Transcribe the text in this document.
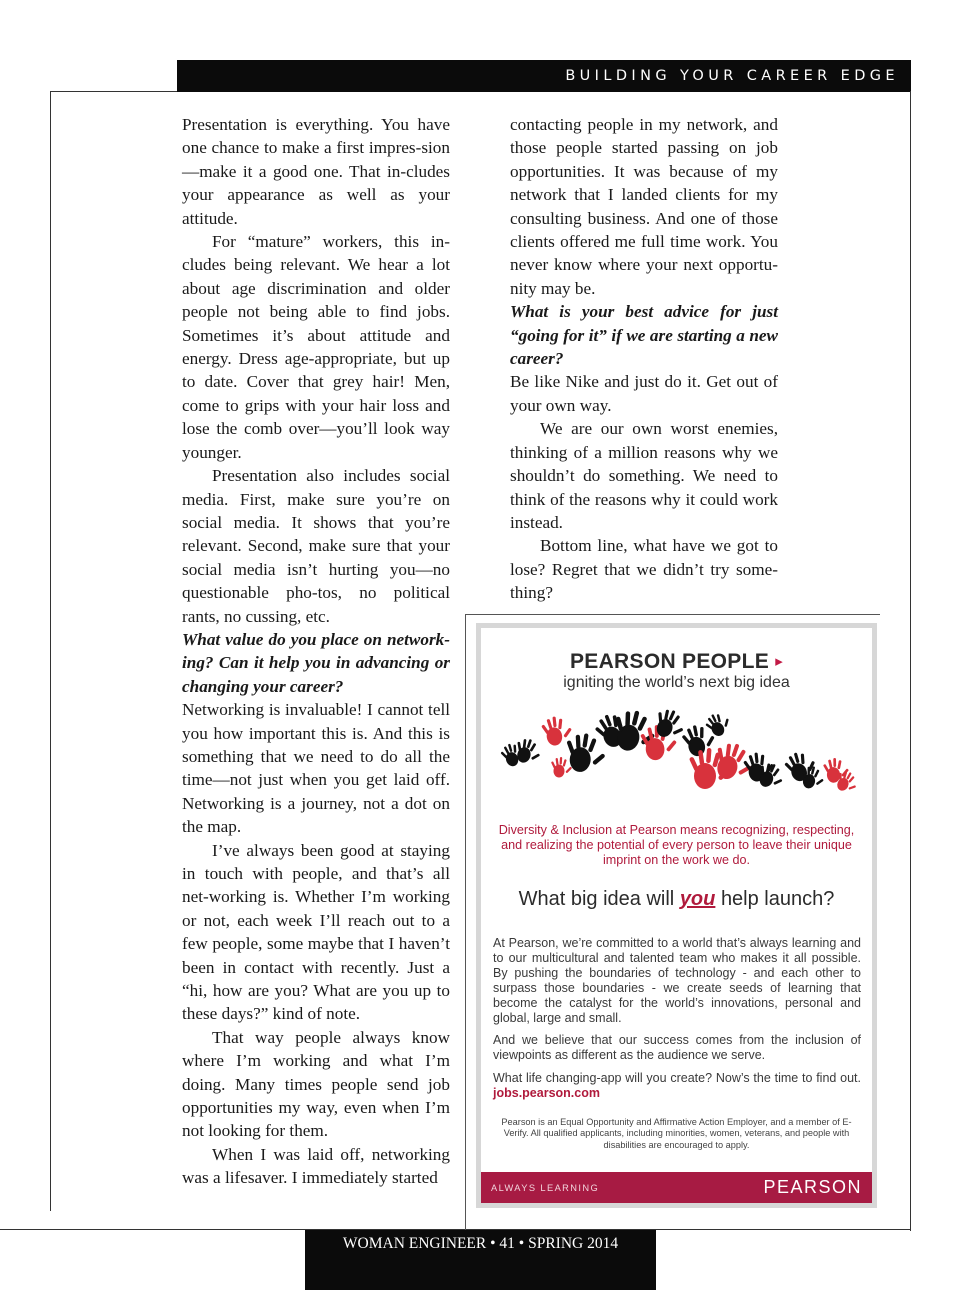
BUILDING YOUR CAREER EDGE

Presentation is everything. You have one chance to make a first impres-sion—make it a good one. That in-cludes your appearance as well as your attitude.

For “mature” workers, this in-cludes being relevant. We hear a lot about age discrimination and older people not being able to find jobs. Sometimes it’s about attitude and energy. Dress age-appropriate, but up to date. Cover that grey hair! Men, come to grips with your hair loss and lose the comb over—you’ll look way younger.

Presentation also includes social media. First, make sure you’re on social media. It shows that you’re relevant. Second, make sure that your social media isn’t hurting you—no questionable pho-tos, no political rants, no cussing, etc.

What value do you place on network-ing? Can it help you in advancing or changing your career?

Networking is invaluable! I cannot tell you how important this is. And this is something that we need to do all the time—not just when you get laid off. Networking is a journey, not a dot on the map.

I’ve always been good at staying in touch with people, and that’s all net-working is. Whether I’m working or not, each week I’ll reach out to a few people, some maybe that I haven’t been in contact with recently. Just a “hi, how are you? What are you up to these days?” kind of note.

That way people always know where I’m working and what I’m doing. Many times people send job opportunities my way, even when I’m not looking for them.

When I was laid off, networking was a lifesaver. I immediately started

contacting people in my network, and those people started passing on job opportunities. It was because of my network that I landed clients for my consulting business. And one of those clients offered me full time work. You never know where your next opportu-nity may be.

What is your best advice for just “going for it” if we are starting a new career?

Be like Nike and just do it. Get out of your own way.

We are our own worst enemies, thinking of a million reasons why we shouldn’t do something. We need to think of the reasons why it could work instead.

Bottom line, what have we got to lose? Regret that we didn’t try some-thing?

PEARSON PEOPLE ▸
igniting the world’s next big idea
Diversity & Inclusion at Pearson means recognizing, respecting, and realizing the potential of every person to leave their unique imprint on the work we do.
What big idea will you help launch?
At Pearson, we’re committed to a world that’s always learning and to our multicultural and talented team who makes it all possible. By pushing the boundaries of technology - and each other to surpass those boundaries - we create seeds of learning that become the catalyst for the world’s innovations, personal and global, large and small.
And we believe that our success comes from the inclusion of viewpoints as different as the audience we serve.
What life changing-app will you create? Now’s the time to find out. jobs.pearson.com
Pearson is an Equal Opportunity and Affirmative Action Employer, and a member of E-Verify. All qualified applicants, including minorities, women, veterans, and people with disabilities are encouraged to apply.
ALWAYS LEARNING	PEARSON
WOMAN ENGINEER • 41 • SPRING 2014
